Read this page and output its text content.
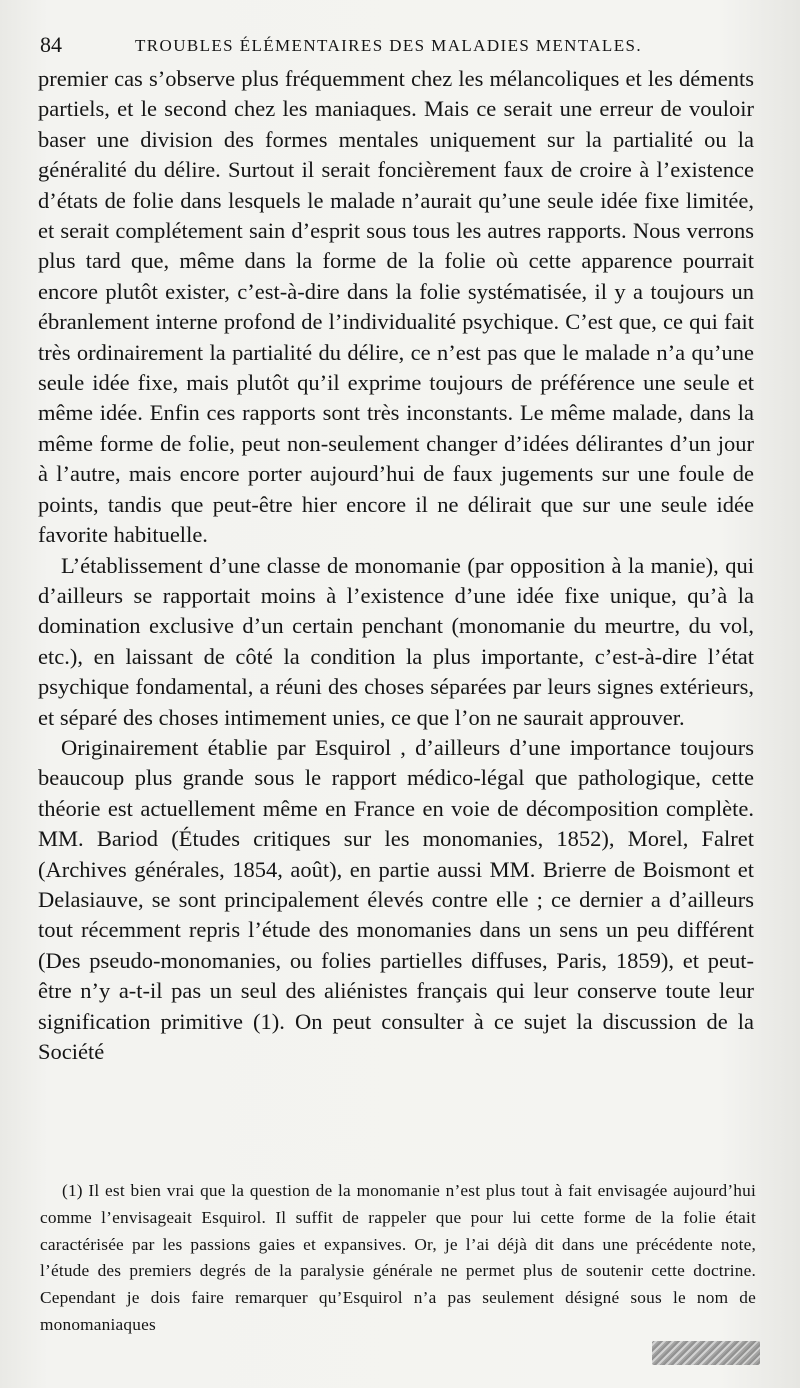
84	TROUBLES ÉLÉMENTAIRES DES MALADIES MENTALES.

premier cas s’observe plus fréquemment chez les mélancoliques et les déments partiels, et le second chez les maniaques. Mais ce serait une erreur de vouloir baser une division des formes mentales uniquement sur la partialité ou la généralité du délire. Surtout il serait foncièrement faux de croire à l’existence d’états de folie dans lesquels le malade n’aurait qu’une seule idée fixe limitée, et serait complétement sain d’esprit sous tous les autres rapports. Nous verrons plus tard que, même dans la forme de la folie où cette apparence pourrait encore plutôt exister, c’est-à-dire dans la folie systématisée, il y a toujours un ébranlement interne profond de l’individualité psychique. C’est que, ce qui fait très ordinairement la partialité du délire, ce n’est pas que le malade n’a qu’une seule idée fixe, mais plutôt qu’il exprime toujours de préférence une seule et même idée. Enfin ces rapports sont très inconstants. Le même malade, dans la même forme de folie, peut non-seulement changer d’idées délirantes d’un jour à l’autre, mais encore porter aujourd’hui de faux jugements sur une foule de points, tandis que peut-être hier encore il ne délirait que sur une seule idée favorite habituelle.

L’établissement d’une classe de monomanie (par opposition à la manie), qui d’ailleurs se rapportait moins à l’existence d’une idée fixe unique, qu’à la domination exclusive d’un certain penchant (monomanie du meurtre, du vol, etc.), en laissant de côté la condition la plus importante, c’est-à-dire l’état psychique fondamental, a réuni des choses séparées par leurs signes extérieurs, et séparé des choses intimement unies, ce que l’on ne saurait approuver.

Originairement établie par Esquirol , d’ailleurs d’une importance toujours beaucoup plus grande sous le rapport médico-légal que pathologique, cette théorie est actuellement même en France en voie de décomposition complète. MM. Bariod (Études critiques sur les monomanies, 1852), Morel, Falret (Archives générales, 1854, août), en partie aussi MM. Brierre de Boismont et Delasiauve, se sont principalement élevés contre elle ; ce dernier a d’ailleurs tout récemment repris l’étude des monomanies dans un sens un peu différent (Des pseudo-monomanies, ou folies partielles diffuses, Paris, 1859), et peut-être n’y a-t-il pas un seul des aliénistes français qui leur conserve toute leur signification primitive (1). On peut consulter à ce sujet la discussion de la Société

(1) Il est bien vrai que la question de la monomanie n’est plus tout à fait envisagée aujourd’hui comme l’envisageait Esquirol. Il suffit de rappeler que pour lui cette forme de la folie était caractérisée par les passions gaies et expansives. Or, je l’ai déjà dit dans une précédente note, l’étude des premiers degrés de la paralysie générale ne permet plus de soutenir cette doctrine. Cependant je dois faire remarquer qu’Esquirol n’a pas seulement désigné sous le nom de monomaniaques
